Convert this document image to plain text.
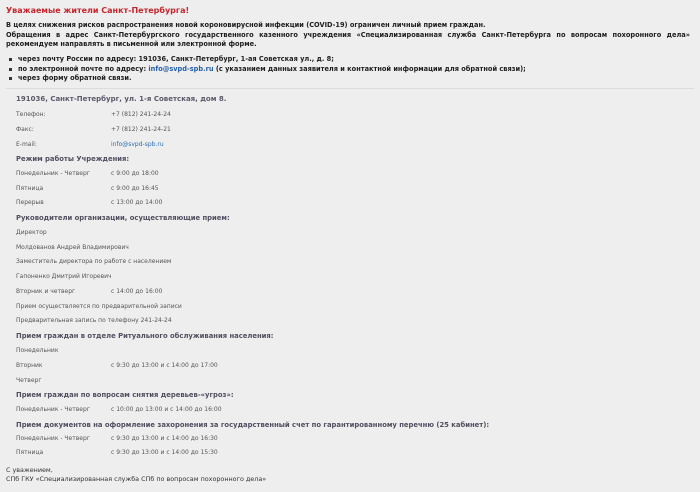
Уважаемые жители Санкт-Петербурга!
В целях снижения рисков распространения новой короновирусной инфекции (COVID-19) ограничен личный прием граждан.
Обращения в адрес Санкт-Петербургского государственного казенного учреждения «Специализированная служба Санкт-Петербурга по вопросам похоронного дела» рекомендуем направлять в письменной или электронной форме.
через почту России по адресу: 191036, Санкт-Петербург, 1-ая Советская ул., д. 8;
по электронной почте по адресу: info@svpd-spb.ru (с указанием данных заявителя и контактной информации для обратной связи);
через форму обратной связи.
191036, Санкт-Петербург, ул. 1-я Советская, дом 8.
Телефон:	+7 (812) 241-24-24
Факс:	+7 (812) 241-24-21
E-mail:	info@svpd-spb.ru
Режим работы Учреждения:
Понедельник - Четверг	с 9:00 до 18:00
Пятница	с 9:00 до 16:45
Перерыв	с 13:00 до 14:00
Руководители организации, осуществляющие прием:
Директор
Молдованов Андрей Владимирович
Заместитель директора по работе с населением
Гапоненко Дмитрий Игоревич
Вторник и четверг	с 14:00 до 16:00
Прием осуществляется по предварительной записи
Предварительная запись по телефону 241-24-24
Прием граждан в отделе Ритуального обслуживания населения:
Понедельник
Вторник	с 9:30 до 13:00 и с 14:00 до 17:00
Четверг
Прием граждан по вопросам снятия деревьев-«угроз»:
Понедельник - Четверг	с 10:00 до 13:00 и с 14:00 до 16:00
Прием документов на оформление захоронения за государственный счет по гарантированному перечню (25 кабинет):
Понедельник - Четверг	с 9:30 до 13:00 и с 14:00 до 16:30
Пятница	с 9:30 до 13:00 и с 14:00 до 15:30
С уважением,
СПб ГКУ «Специализированная служба СПб по вопросам похоронного дела»
